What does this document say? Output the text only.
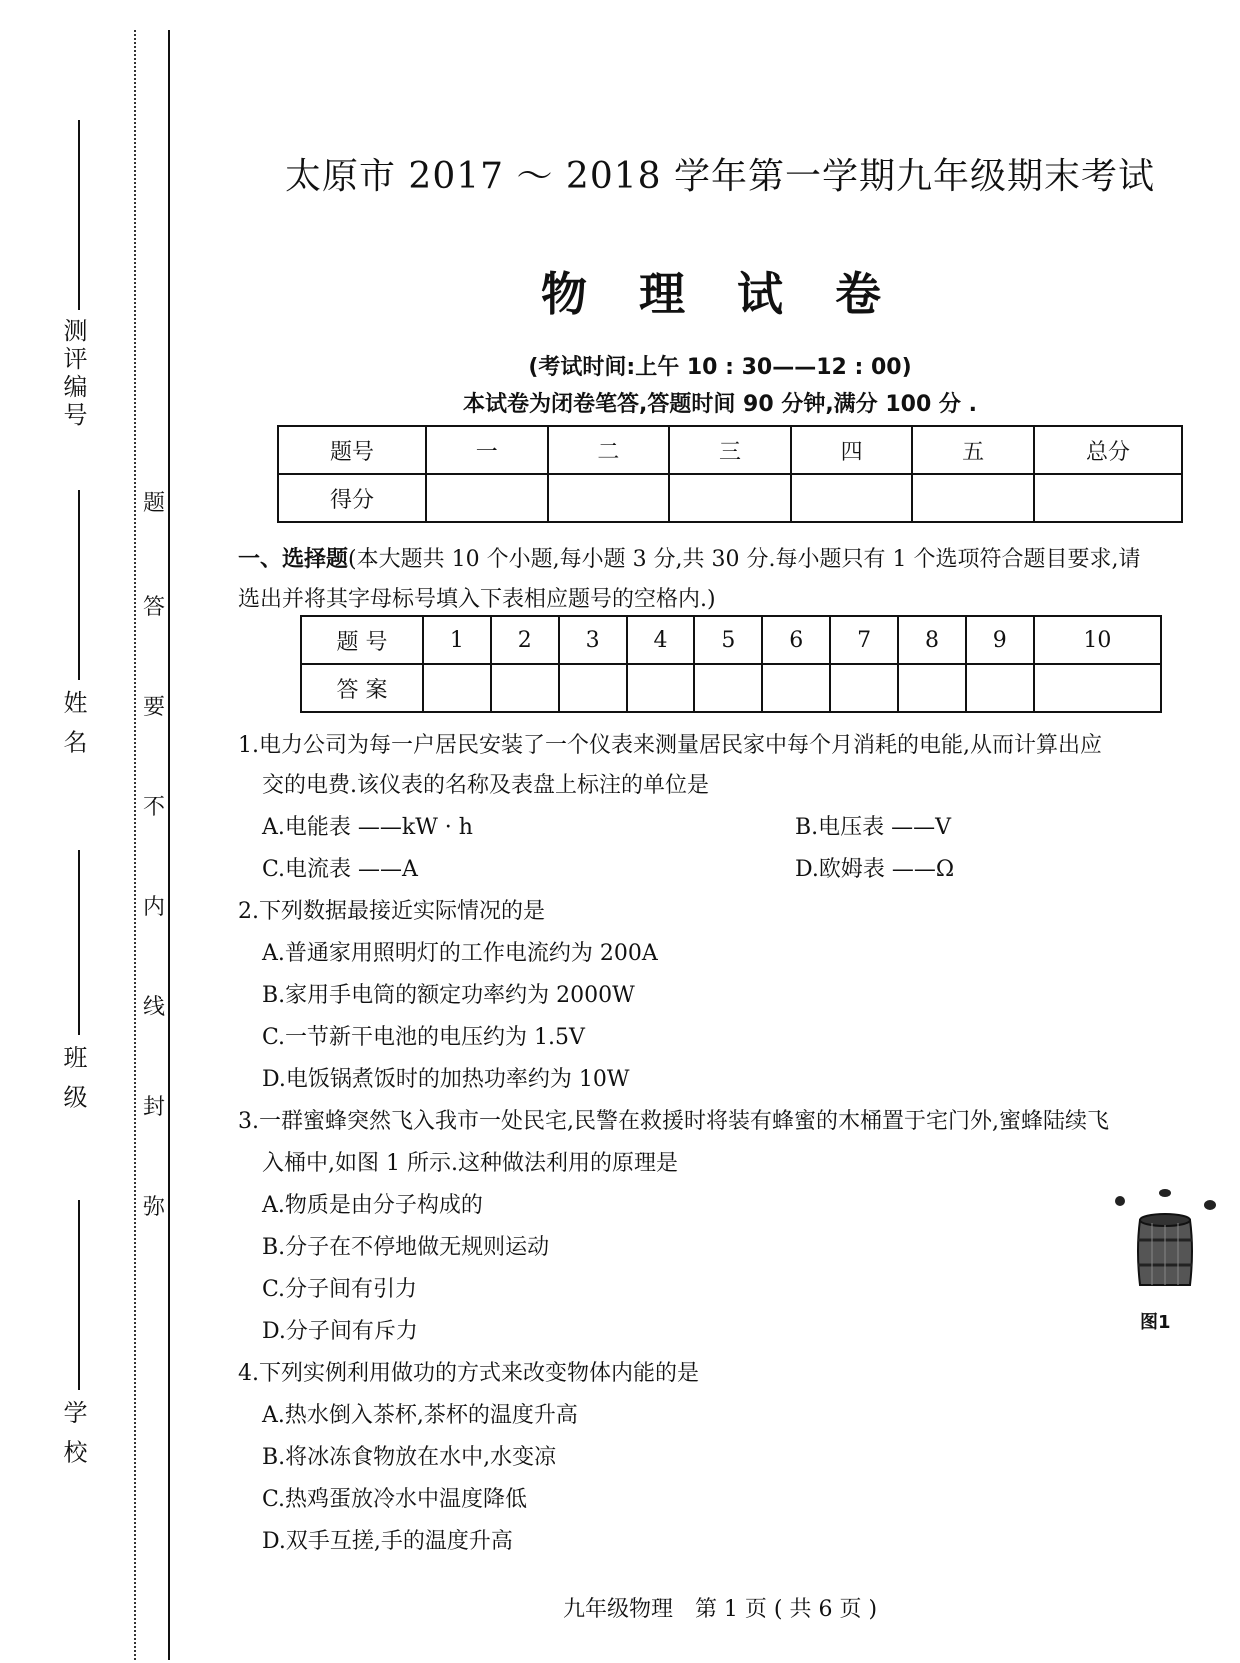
测评编号
姓 名
班 级
学 校
题
答
要
不
内
线
封
弥
太原市 2017 ～ 2018 学年第一学期九年级期末考试
物 理 试 卷
(考试时间:上午 10 : 30——12 : 00)
本试卷为闭卷笔答,答题时间 90 分钟,满分 100 分 .
题号	一	二	三	四	五	总分
得分						
一、选择题(本大题共 10 个小题,每小题 3 分,共 30 分.每小题只有 1 个选项符合题目要求,请
选出并将其字母标号填入下表相应题号的空格内.)
题 号	1	2	3	4	5	6	7	8	9	10
答 案										
1.电力公司为每一户居民安装了一个仪表来测量居民家中每个月消耗的电能,从而计算出应
交的电费.该仪表的名称及表盘上标注的单位是
A.电能表 ——kW · h	B.电压表 ——V
C.电流表 ——A	D.欧姆表 ——Ω
2.下列数据最接近实际情况的是
A.普通家用照明灯的工作电流约为 200A
B.家用手电筒的额定功率约为 2000W
C.一节新干电池的电压约为 1.5V
D.电饭锅煮饭时的加热功率约为 10W
3.一群蜜蜂突然飞入我市一处民宅,民警在救援时将装有蜂蜜的木桶置于宅门外,蜜蜂陆续飞
入桶中,如图 1 所示.这种做法利用的原理是
A.物质是由分子构成的
B.分子在不停地做无规则运动
C.分子间有引力
D.分子间有斥力	图1
4.下列实例利用做功的方式来改变物体内能的是
A.热水倒入茶杯,茶杯的温度升高
B.将冰冻食物放在水中,水变凉
C.热鸡蛋放冷水中温度降低
D.双手互搓,手的温度升高
九年级物理　第 1 页 ( 共 6 页 )
